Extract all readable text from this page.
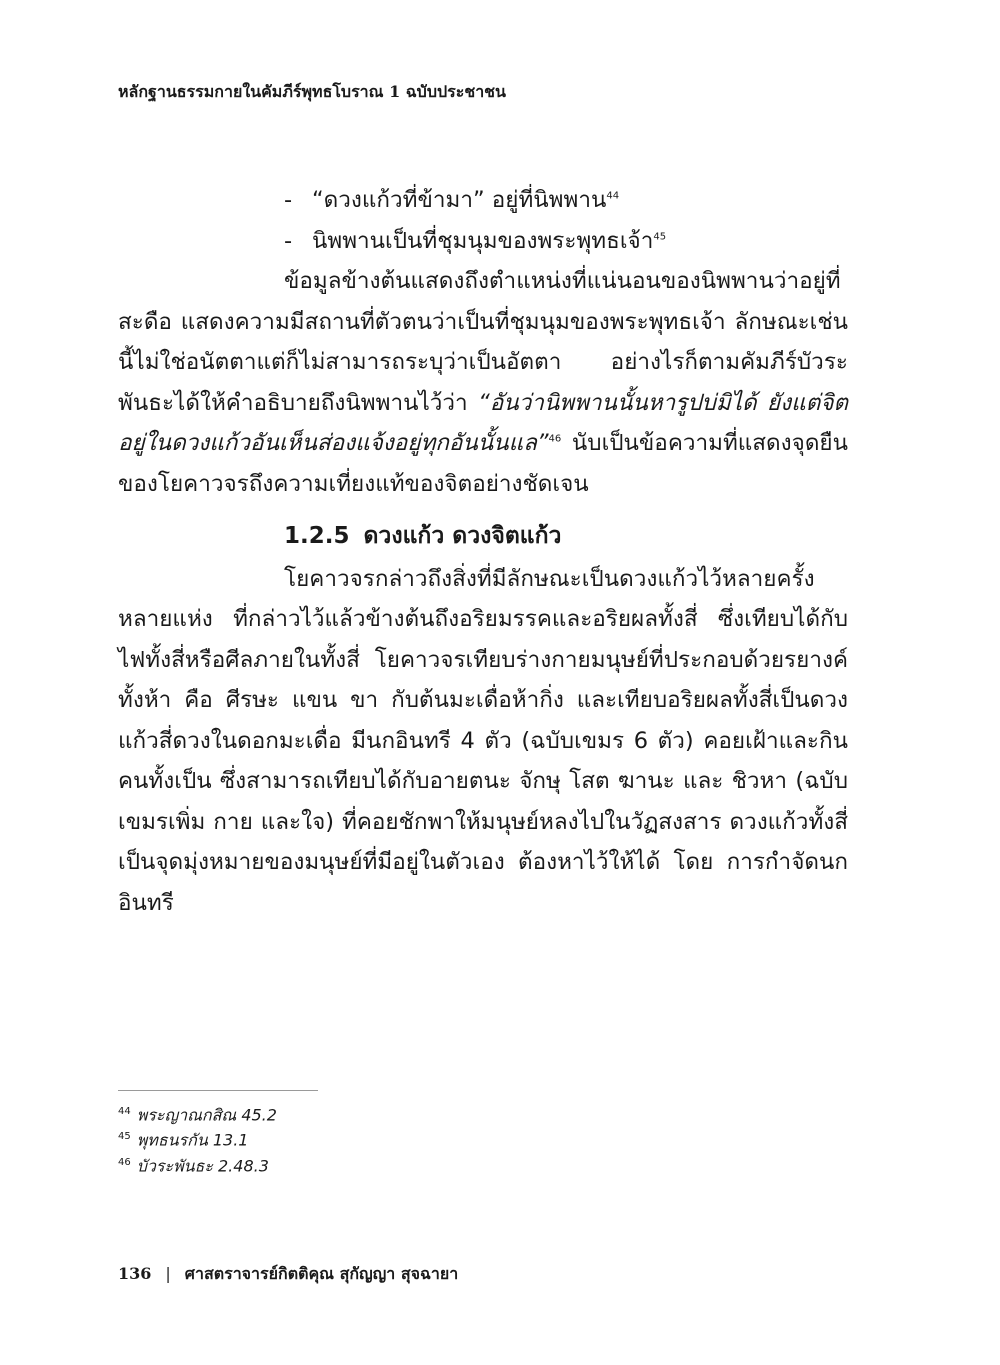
หลักฐานธรรมกายในคัมภีร์พุทธโบราณ 1 ฉบับประชาชน
- “ดวงแก้วที่ข้ามา” อยู่ที่นิพพาน$^{44}$
- นิพพานเป็นที่ชุมนุมของพระพุทธเจ้า$^{45}$

ข้อมูลข้างต้นแสดงถึงตำแหน่งที่แน่นอนของนิพพานว่าอยู่ที่สะดือ แสดงความมีสถานที่ตัวตนว่าเป็นที่ชุมนุมของพระพุทธเจ้า ลักษณะเช่นนี้ไม่ใช่อนัตตาแต่ก็ไม่สามารถระบุว่าเป็นอัตตา อย่างไรก็ตามคัมภีร์บัวระพันธะได้ให้คำอธิบายถึงนิพพานไว้ว่า “อันว่านิพพานนั้นหารูปบ่มิได้ ยังแต่จิตอยู่ในดวงแก้วอันเห็นส่องแจ้งอยู่ทุกอันนั้นแล”$^{46}$ นับเป็นข้อความที่แสดงจุดยืนของโยคาวจรถึงความเที่ยงแท้ของจิตอย่างชัดเจน

1.2.5 ดวงแก้ว ดวงจิตแก้ว

โยคาวจรกล่าวถึงสิ่งที่มีลักษณะเป็นดวงแก้วไว้หลายครั้งหลายแห่ง ที่กล่าวไว้แล้วข้างต้นถึงอริยมรรคและอริยผลทั้งสี่ ซึ่งเทียบได้กับไฟทั้งสี่หรือศีลภายในทั้งสี่ โยคาวจรเทียบร่างกายมนุษย์ที่ประกอบด้วยรยางค์ทั้งห้า คือ ศีรษะ แขน ขา กับต้นมะเดื่อห้ากิ่ง และเทียบอริยผลทั้งสี่เป็นดวงแก้วสี่ดวงในดอกมะเดื่อ มีนกอินทรี 4 ตัว (ฉบับเขมร 6 ตัว) คอยเฝ้าและกินคนทั้งเป็น ซึ่งสามารถเทียบได้กับอายตนะ จักษุ โสต ฆานะ และ ชิวหา (ฉบับเขมรเพิ่ม กาย และใจ) ที่คอยชักพาให้มนุษย์หลงไปในวัฏสงสาร ดวงแก้วทั้งสี่เป็นจุดมุ่งหมายของมนุษย์ที่มีอยู่ในตัวเอง ต้องหาไว้ให้ได้ โดย การกำจัดนกอินทรี

$^{44}$ พระญาณกสิณ 45.2
$^{45}$ พุทธนรกัน 13.1
$^{46}$ บัวระพันธะ 2.48.3
136 | ศาสตราจารย์กิตติคุณ สุกัญญา สุจฉายา
